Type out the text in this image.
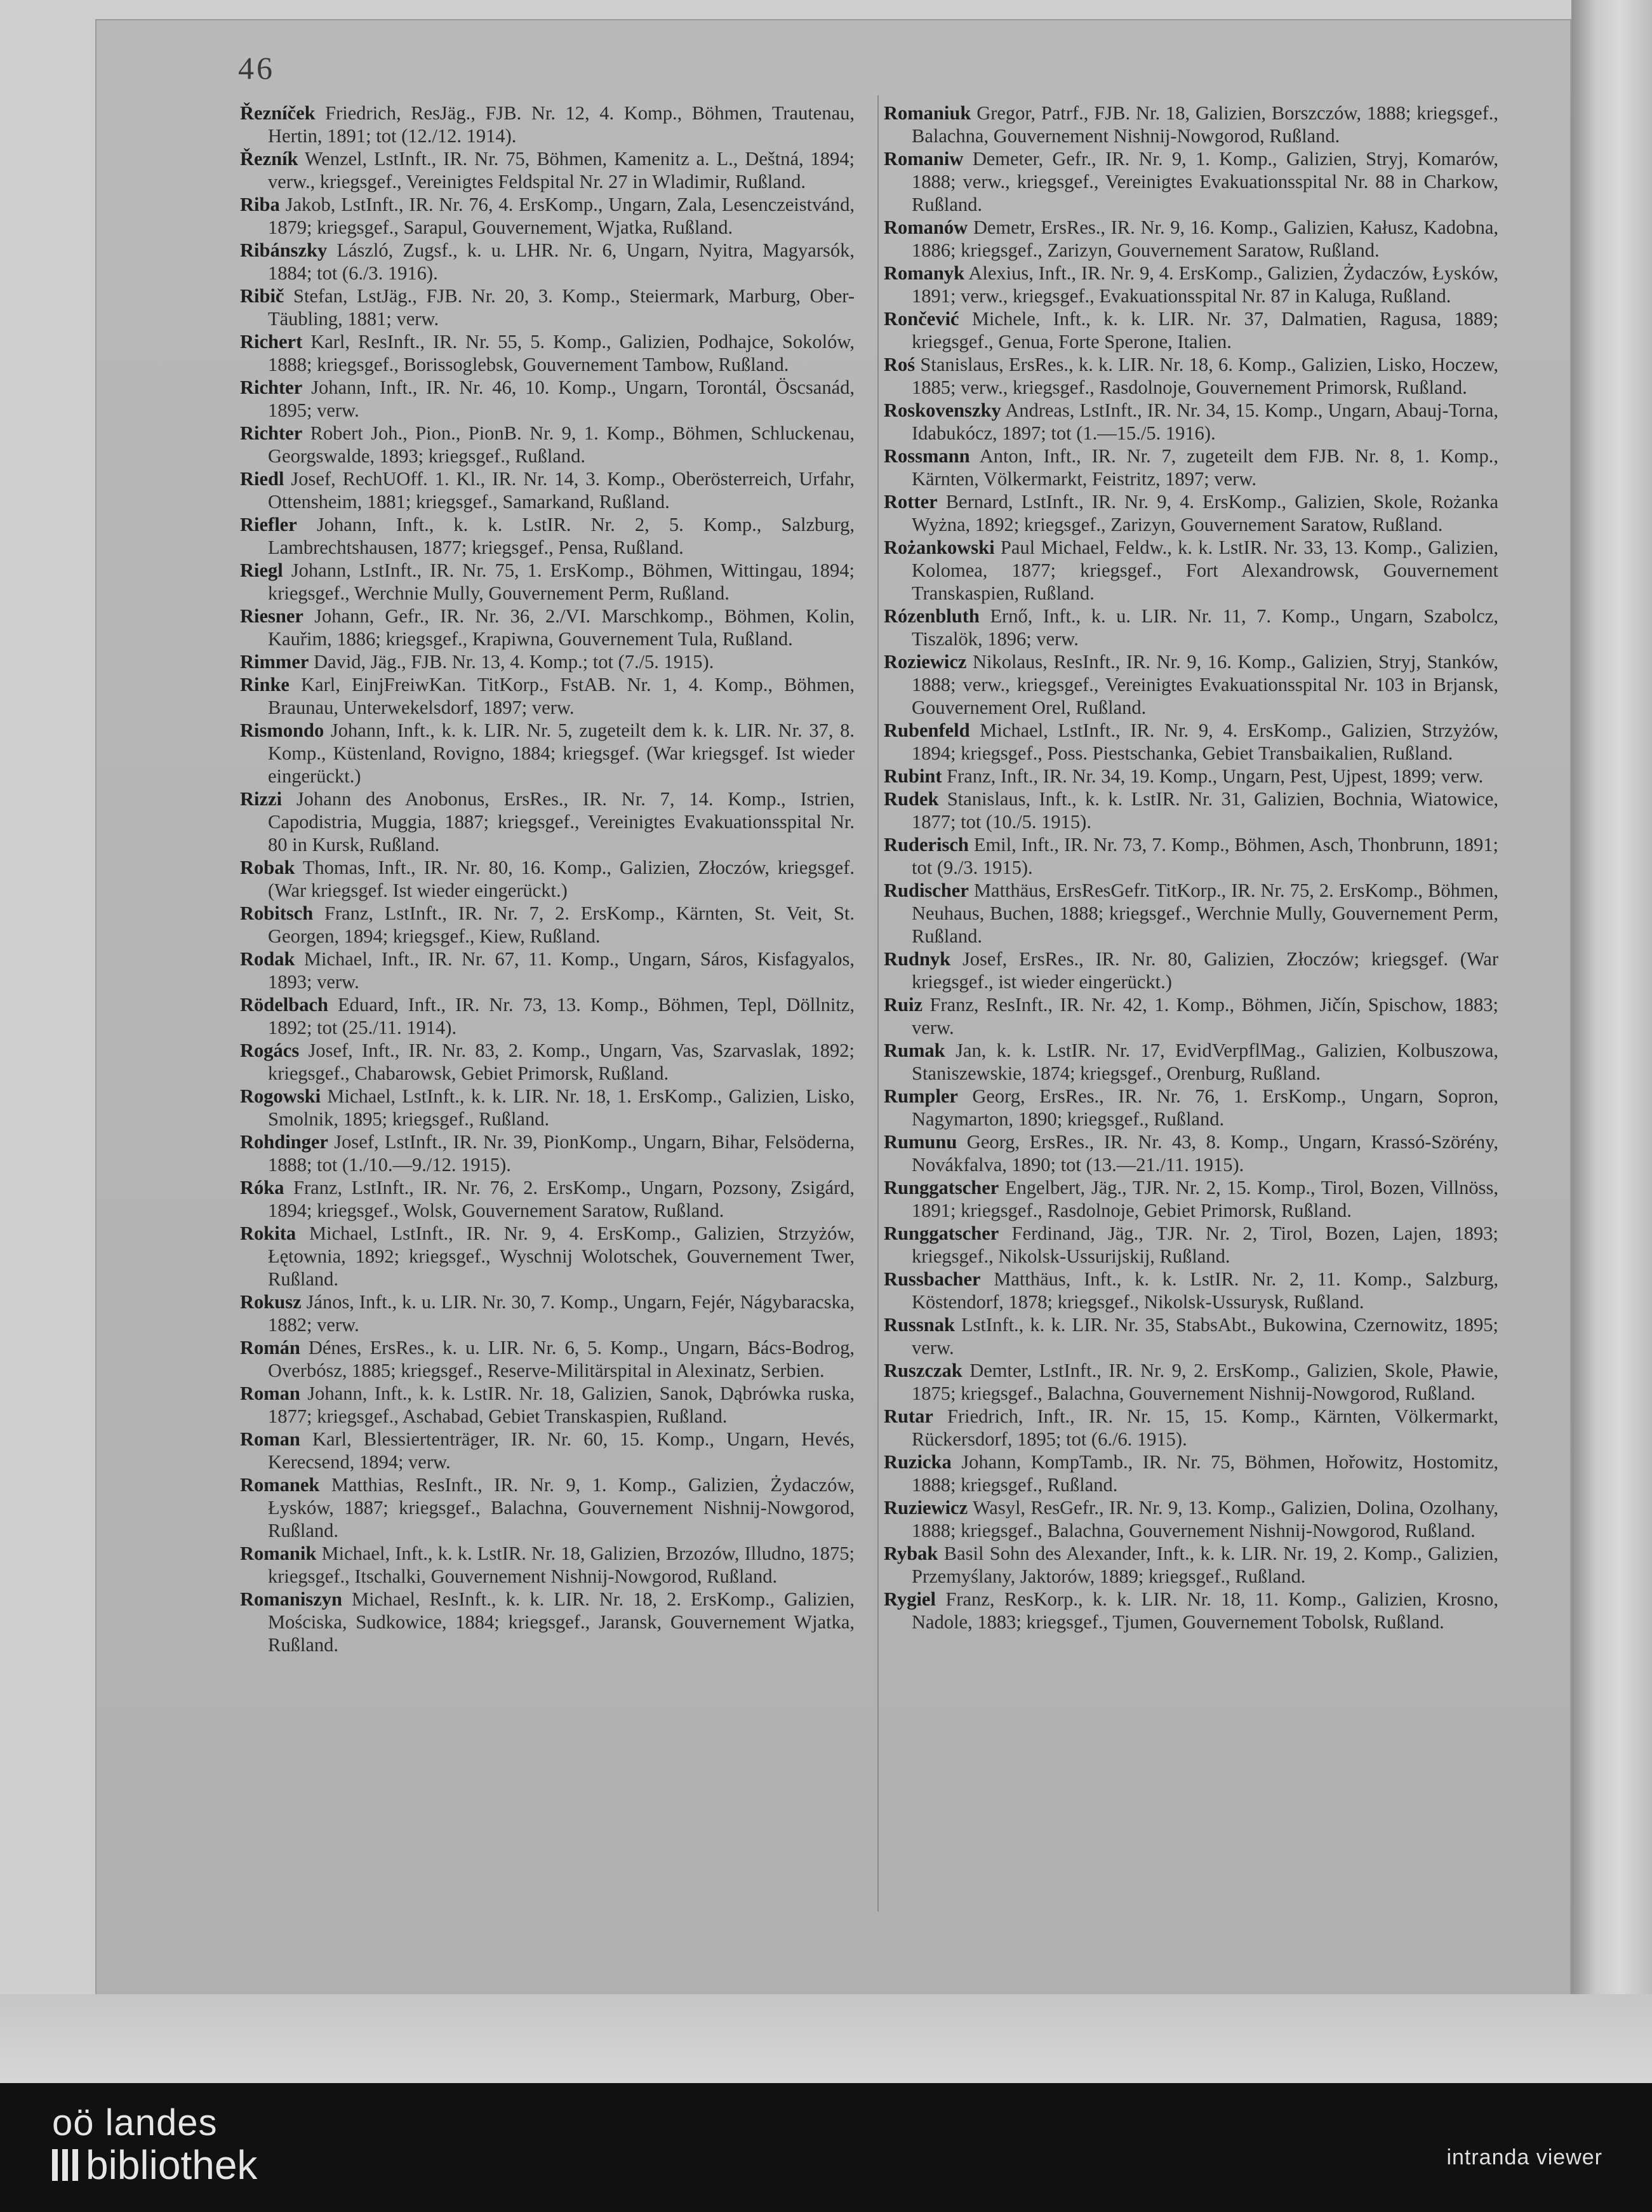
46
Řezníček Friedrich, ResJäg., FJB. Nr. 12, 4. Komp., Böhmen, Trautenau, Hertin, 1891; tot (12./12. 1914).
Řezník Wenzel, LstInft., IR. Nr. 75, Böhmen, Kamenitz a. L., Deštná, 1894; verw., kriegsgef., Vereinigtes Feldspital Nr. 27 in Wladimir, Rußland.
Riba Jakob, LstInft., IR. Nr. 76, 4. ErsKomp., Ungarn, Zala, Lesenczeistvánd, 1879; kriegsgef., Sarapul, Gouvernement, Wjatka, Rußland.
Ribánszky László, Zugsf., k. u. LHR. Nr. 6, Ungarn, Nyitra, Magyarsók, 1884; tot (6./3. 1916).
Ribič Stefan, LstJäg., FJB. Nr. 20, 3. Komp., Steiermark, Marburg, Ober-Täubling, 1881; verw.
Richert Karl, ResInft., IR. Nr. 55, 5. Komp., Galizien, Podhajce, Sokolów, 1888; kriegsgef., Borissoglebsk, Gouvernement Tambow, Rußland.
Richter Johann, Inft., IR. Nr. 46, 10. Komp., Ungarn, Torontál, Öscsanád, 1895; verw.
Richter Robert Joh., Pion., PionB. Nr. 9, 1. Komp., Böhmen, Schluckenau, Georgswalde, 1893; kriegsgef., Rußland.
Riedl Josef, RechUOff. 1. Kl., IR. Nr. 14, 3. Komp., Oberösterreich, Urfahr, Ottensheim, 1881; kriegsgef., Samarkand, Rußland.
Riefler Johann, Inft., k. k. LstIR. Nr. 2, 5. Komp., Salzburg, Lambrechtshausen, 1877; kriegsgef., Pensa, Rußland.
Riegl Johann, LstInft., IR. Nr. 75, 1. ErsKomp., Böhmen, Wittingau, 1894; kriegsgef., Werchnie Mully, Gouvernement Perm, Rußland.
Riesner Johann, Gefr., IR. Nr. 36, 2./VI. Marschkomp., Böhmen, Kolin, Kauřim, 1886; kriegsgef., Krapiwna, Gouvernement Tula, Rußland.
Rimmer David, Jäg., FJB. Nr. 13, 4. Komp.; tot (7./5. 1915).
Rinke Karl, EinjFreiwKan. TitKorp., FstAB. Nr. 1, 4. Komp., Böhmen, Braunau, Unterwekelsdorf, 1897; verw.
Rismondo Johann, Inft., k. k. LIR. Nr. 5, zugeteilt dem k. k. LIR. Nr. 37, 8. Komp., Küstenland, Rovigno, 1884; kriegsgef. (War kriegsgef. Ist wieder eingerückt.)
Rizzi Johann des Anobonus, ErsRes., IR. Nr. 7, 14. Komp., Istrien, Capodistria, Muggia, 1887; kriegsgef., Vereinigtes Evakuationsspital Nr. 80 in Kursk, Rußland.
Robak Thomas, Inft., IR. Nr. 80, 16. Komp., Galizien, Złoczów, kriegsgef. (War kriegsgef. Ist wieder eingerückt.)
Robitsch Franz, LstInft., IR. Nr. 7, 2. ErsKomp., Kärnten, St. Veit, St. Georgen, 1894; kriegsgef., Kiew, Rußland.
Rodak Michael, Inft., IR. Nr. 67, 11. Komp., Ungarn, Sáros, Kisfagyalos, 1893; verw.
Rödelbach Eduard, Inft., IR. Nr. 73, 13. Komp., Böhmen, Tepl, Döllnitz, 1892; tot (25./11. 1914).
Rogács Josef, Inft., IR. Nr. 83, 2. Komp., Ungarn, Vas, Szarvaslak, 1892; kriegsgef., Chabarowsk, Gebiet Primorsk, Rußland.
Rogowski Michael, LstInft., k. k. LIR. Nr. 18, 1. ErsKomp., Galizien, Lisko, Smolnik, 1895; kriegsgef., Rußland.
Rohdinger Josef, LstInft., IR. Nr. 39, PionKomp., Ungarn, Bihar, Felsöderna, 1888; tot (1./10.—9./12. 1915).
Róka Franz, LstInft., IR. Nr. 76, 2. ErsKomp., Ungarn, Pozsony, Zsigárd, 1894; kriegsgef., Wolsk, Gouvernement Saratow, Rußland.
Rokita Michael, LstInft., IR. Nr. 9, 4. ErsKomp., Galizien, Strzyżów, Łętownia, 1892; kriegsgef., Wyschnij Wolotschek, Gouvernement Twer, Rußland.
Rokusz János, Inft., k. u. LIR. Nr. 30, 7. Komp., Ungarn, Fejér, Nágybaracska, 1882; verw.
Román Dénes, ErsRes., k. u. LIR. Nr. 6, 5. Komp., Ungarn, Bács-Bodrog, Overbósz, 1885; kriegsgef., Reserve-Militärspital in Alexinatz, Serbien.
Roman Johann, Inft., k. k. LstIR. Nr. 18, Galizien, Sanok, Dąbrówka ruska, 1877; kriegsgef., Aschabad, Gebiet Transkaspien, Rußland.
Roman Karl, Blessiertenträger, IR. Nr. 60, 15. Komp., Ungarn, Hevés, Kerecsend, 1894; verw.
Romanek Matthias, ResInft., IR. Nr. 9, 1. Komp., Galizien, Żydaczów, Łysków, 1887; kriegsgef., Balachna, Gouvernement Nishnij-Nowgorod, Rußland.
Romanik Michael, Inft., k. k. LstIR. Nr. 18, Galizien, Brzozów, Illudno, 1875; kriegsgef., Itschalki, Gouvernement Nishnij-Nowgorod, Rußland.
Romaniszyn Michael, ResInft., k. k. LIR. Nr. 18, 2. ErsKomp., Galizien, Mościska, Sudkowice, 1884; kriegsgef., Jaransk, Gouvernement Wjatka, Rußland.
Romaniuk Gregor, Patrf., FJB. Nr. 18, Galizien, Borszczów, 1888; kriegsgef., Balachna, Gouvernement Nishnij-Nowgorod, Rußland.
Romaniw Demeter, Gefr., IR. Nr. 9, 1. Komp., Galizien, Stryj, Komarów, 1888; verw., kriegsgef., Vereinigtes Evakuationsspital Nr. 88 in Charkow, Rußland.
Romanów Demetr, ErsRes., IR. Nr. 9, 16. Komp., Galizien, Kałusz, Kadobna, 1886; kriegsgef., Zarizyn, Gouvernement Saratow, Rußland.
Romanyk Alexius, Inft., IR. Nr. 9, 4. ErsKomp., Galizien, Żydaczów, Łysków, 1891; verw., kriegsgef., Evakuationsspital Nr. 87 in Kaluga, Rußland.
Rončević Michele, Inft., k. k. LIR. Nr. 37, Dalmatien, Ragusa, 1889; kriegsgef., Genua, Forte Sperone, Italien.
Roś Stanislaus, ErsRes., k. k. LIR. Nr. 18, 6. Komp., Galizien, Lisko, Hoczew, 1885; verw., kriegsgef., Rasdolnoje, Gouvernement Primorsk, Rußland.
Roskovenszky Andreas, LstInft., IR. Nr. 34, 15. Komp., Ungarn, Abauj-Torna, Idabukócz, 1897; tot (1.—15./5. 1916).
Rossmann Anton, Inft., IR. Nr. 7, zugeteilt dem FJB. Nr. 8, 1. Komp., Kärnten, Völkermarkt, Feistritz, 1897; verw.
Rotter Bernard, LstInft., IR. Nr. 9, 4. ErsKomp., Galizien, Skole, Rożanka Wyżna, 1892; kriegsgef., Zarizyn, Gouvernement Saratow, Rußland.
Rożankowski Paul Michael, Feldw., k. k. LstIR. Nr. 33, 13. Komp., Galizien, Kolomea, 1877; kriegsgef., Fort Alexandrowsk, Gouvernement Transkaspien, Rußland.
Rózenbluth Ernő, Inft., k. u. LIR. Nr. 11, 7. Komp., Ungarn, Szabolcz, Tiszalök, 1896; verw.
Roziewicz Nikolaus, ResInft., IR. Nr. 9, 16. Komp., Galizien, Stryj, Stanków, 1888; verw., kriegsgef., Vereinigtes Evakuationsspital Nr. 103 in Brjansk, Gouvernement Orel, Rußland.
Rubenfeld Michael, LstInft., IR. Nr. 9, 4. ErsKomp., Galizien, Strzyżów, 1894; kriegsgef., Poss. Piestschanka, Gebiet Transbaikalien, Rußland.
Rubint Franz, Inft., IR. Nr. 34, 19. Komp., Ungarn, Pest, Ujpest, 1899; verw.
Rudek Stanislaus, Inft., k. k. LstIR. Nr. 31, Galizien, Bochnia, Wiatowice, 1877; tot (10./5. 1915).
Ruderisch Emil, Inft., IR. Nr. 73, 7. Komp., Böhmen, Asch, Thonbrunn, 1891; tot (9./3. 1915).
Rudischer Matthäus, ErsResGefr. TitKorp., IR. Nr. 75, 2. ErsKomp., Böhmen, Neuhaus, Buchen, 1888; kriegsgef., Werchnie Mully, Gouvernement Perm, Rußland.
Rudnyk Josef, ErsRes., IR. Nr. 80, Galizien, Złoczów; kriegsgef. (War kriegsgef., ist wieder eingerückt.)
Ruiz Franz, ResInft., IR. Nr. 42, 1. Komp., Böhmen, Jičín, Spischow, 1883; verw.
Rumak Jan, k. k. LstIR. Nr. 17, EvidVerpflMag., Galizien, Kolbuszowa, Staniszewskie, 1874; kriegsgef., Orenburg, Rußland.
Rumpler Georg, ErsRes., IR. Nr. 76, 1. ErsKomp., Ungarn, Sopron, Nagymarton, 1890; kriegsgef., Rußland.
Rumunu Georg, ErsRes., IR. Nr. 43, 8. Komp., Ungarn, Krassó-Szörény, Novákfalva, 1890; tot (13.—21./11. 1915).
Runggatscher Engelbert, Jäg., TJR. Nr. 2, 15. Komp., Tirol, Bozen, Villnöss, 1891; kriegsgef., Rasdolnoje, Gebiet Primorsk, Rußland.
Runggatscher Ferdinand, Jäg., TJR. Nr. 2, Tirol, Bozen, Lajen, 1893; kriegsgef., Nikolsk-Ussurijskij, Rußland.
Russbacher Matthäus, Inft., k. k. LstIR. Nr. 2, 11. Komp., Salzburg, Köstendorf, 1878; kriegsgef., Nikolsk-Ussurysk, Rußland.
Russnak LstInft., k. k. LIR. Nr. 35, StabsAbt., Bukowina, Czernowitz, 1895; verw.
Ruszczak Demter, LstInft., IR. Nr. 9, 2. ErsKomp., Galizien, Skole, Pławie, 1875; kriegsgef., Balachna, Gouvernement Nishnij-Nowgorod, Rußland.
Rutar Friedrich, Inft., IR. Nr. 15, 15. Komp., Kärnten, Völkermarkt, Rückersdorf, 1895; tot (6./6. 1915).
Ruzicka Johann, KompTamb., IR. Nr. 75, Böhmen, Hořowitz, Hostomitz, 1888; kriegsgef., Rußland.
Ruziewicz Wasyl, ResGefr., IR. Nr. 9, 13. Komp., Galizien, Dolina, Ozolhany, 1888; kriegsgef., Balachna, Gouvernement Nishnij-Nowgorod, Rußland.
Rybak Basil Sohn des Alexander, Inft., k. k. LIR. Nr. 19, 2. Komp., Galizien, Przemyślany, Jaktorów, 1889; kriegsgef., Rußland.
Rygiel Franz, ResKorp., k. k. LIR. Nr. 18, 11. Komp., Galizien, Krosno, Nadole, 1883; kriegsgef., Tjumen, Gouvernement Tobolsk, Rußland.
oö landes
bibliothek	intranda viewer
